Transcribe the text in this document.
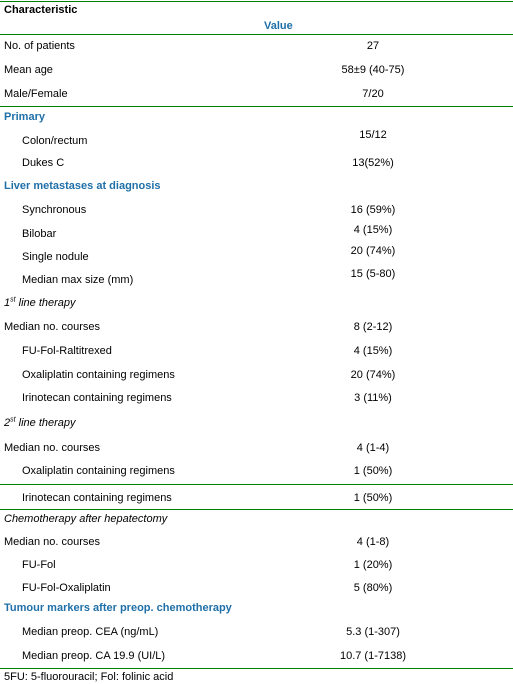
Characteristic
Value
No. of patients	27
Mean age	58±9 (40-75)
Male/Female	7/20
Primary
Colon/rectum	15/12
Dukes C	13(52%)
Liver metastases at diagnosis
Synchronous	16 (59%)
Bilobar	4 (15%)
Single nodule	20 (74%)
Median max size (mm)	15 (5-80)
1st line therapy
Median no. courses	8 (2-12)
FU-Fol-Raltitrexed	4 (15%)
Oxaliplatin containing regimens	20 (74%)
Irinotecan containing regimens	3 (11%)
2st line therapy
Median no. courses	4 (1-4)
Oxaliplatin containing regimens	1 (50%)
Irinotecan containing regimens	1 (50%)
Chemotherapy after hepatectomy
Median no. courses	4 (1-8)
FU-Fol	1 (20%)
FU-Fol-Oxaliplatin	5 (80%)
Tumour markers after preop. chemotherapy
Median preop. CEA (ng/mL)	5.3 (1-307)
Median preop. CA 19.9 (UI/L)	10.7 (1-7138)
5FU: 5-fluorouracil; Fol: folinic acid
